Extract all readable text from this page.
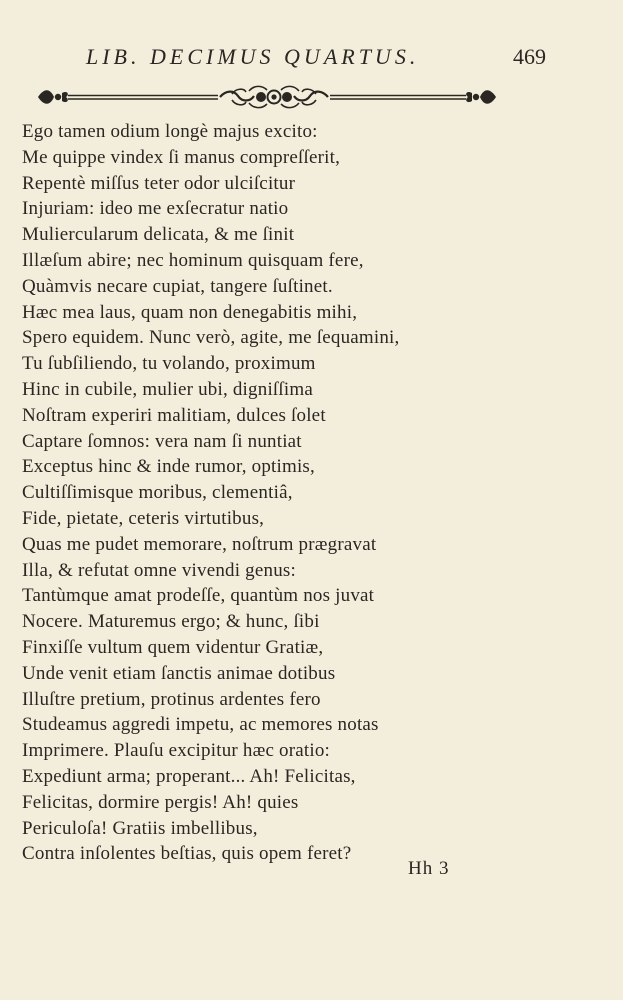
LIB. DECIMUS QUARTUS.	469
Ego tamen odium longè majus excito:
Me quippe vindex ſi manus compreſſerit,
Repentè miſſus teter odor ulciſcitur
Injuriam: ideo me exſecratur natio
Muliercularum delicata, & me ſinit
Illæſum abire; nec hominum quisquam fere,
Quàmvis necare cupiat, tangere ſuſtinet.
Hæc mea laus, quam non denegabitis mihi,
Spero equidem. Nunc verò, agite, me ſequamini,
Tu ſubſiliendo, tu volando, proximum
Hinc in cubile, mulier ubi, digniſſima
Noſtram experiri malitiam, dulces ſolet
Captare ſomnos: vera nam ſi nuntiat
Exceptus hinc & inde rumor, optimis,
Cultiſſimisque moribus, clementiâ,
Fide, pietate, ceteris virtutibus,
Quas me pudet memorare, noſtrum prægravat
Illa, & refutat omne vivendi genus:
Tantùmque amat prodeſſe, quantùm nos juvat
Nocere. Maturemus ergo; & hunc, ſibi
Finxiſſe vultum quem videntur Gratiæ,
Unde venit etiam ſanctis animae dotibus
Illuſtre pretium, protinus ardentes fero
Studeamus aggredi impetu, ac memores notas
Imprimere. Plauſu excipitur hæc oratio:
Expediunt arma; properant... Ah! Felicitas,
Felicitas, dormire pergis! Ah! quies
Periculoſa! Gratiis imbellibus,
Contra inſolentes beſtias, quis opem feret?
Hh 3
